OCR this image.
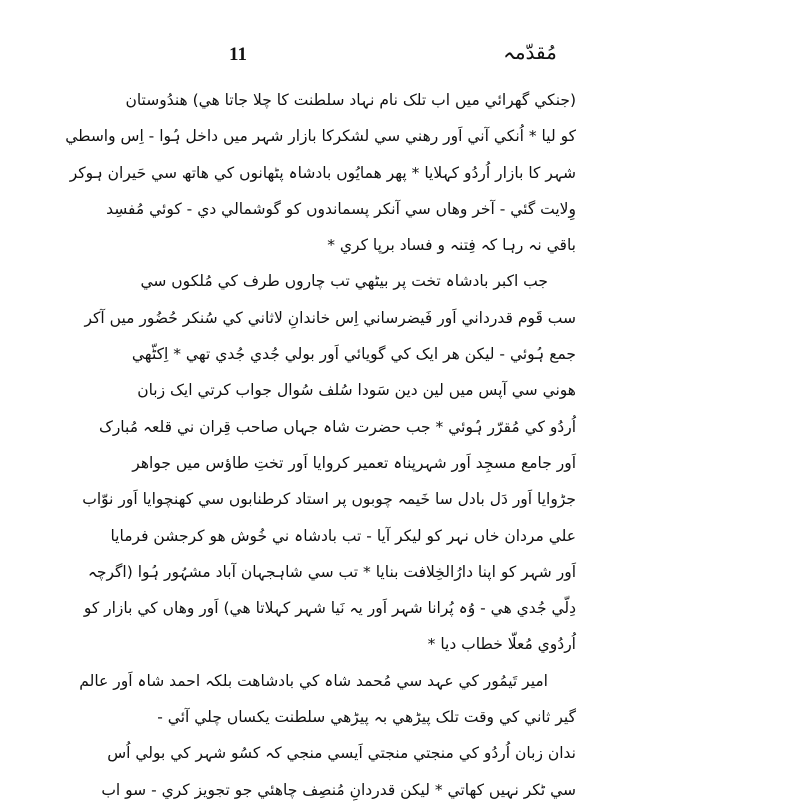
11	مُقدّمہ
(جنکي گھرائي ميں اب تلک نام نہاد سلطنت کا چلا جاتا ھي) ھندُوستان
کو ليا * اُنکي آني اَور رھني سي لشکرکا بازار شہر ميں داخل ہُوا - اِس واسطي
شہر کا بازار اُردُو کہلايا * پھر ھمايُوں بادشاہ پٹھانوں کي ھاتھ سي حَيران ہوکر
وِلايت گئي - آخر وھاں سي آنکر پسماندوں کو گوشمالي دي - کوئي مُفسِد
باقي نہ رہا کہ فِتنہ و فساد برپا کري *
جب اکبر بادشاہ تخت پر بيٹھي تب چاروں طرف کي مُلکوں سي
سب قَوم قدرداني اَور فَيضرساني اِس خاندانِ لاثاني کي سُنکر حُضُور ميں آکر
جمع ہُوئي - ليکن ھر ايک کي گويائي اَور بولي جُدي جُدي تھي * اِکٹّھي
ھوني سي آپس ميں لين دين سَودا سُلف سُوال جواب کرتي ايک زبان
اُردُو کي مُقرّر ہُوئي * جب حضرت شاہ جہاں صاحب قِران ني قلعہ مُبارک
اَور جامع مسجِد اَور شہرپناہ تعمير کروايا اَور تختِ طاؤس ميں جواھر
جڑوايا اَور دَل بادل سا خَيمہ چوبوں پر استاد کرطنابوں سي کھنچوايا اَور نوّاب
علي مردان خاں نہر کو ليکر آيا - تب بادشاہ ني خُوش ھو کرجشن فرمايا
اَور شہر کو اپنا دارُالخِلافت بنايا * تب سي شاہجہان آباد مشہُور ہُوا (اگرچہ
دِلّي جُدي ھي - وُہ پُرانا شہر اَور يہ نَيا شہر کہلاتا ھي) اَور وھاں کي بازار کو
اُردُوي مُعلّا خطاب ديا *
امير تَيمُور کي عہد سي مُحمد شاہ کي بادشاھت بلکہ احمد شاہ اَور عالم
گير ثاني کي وقت تلک پيڑھي بہ پيڑھي سلطنت يکساں چلي آئي -
ندان زبان اُردُو کي منجتي منجتي اَيسي منجي کہ کسُو شہر کي بولي اُس
سي ٹکر نہيں کھاتي * ليکن قدردانِ مُنصِف چاھئي جو تجويز کري - سو اب
